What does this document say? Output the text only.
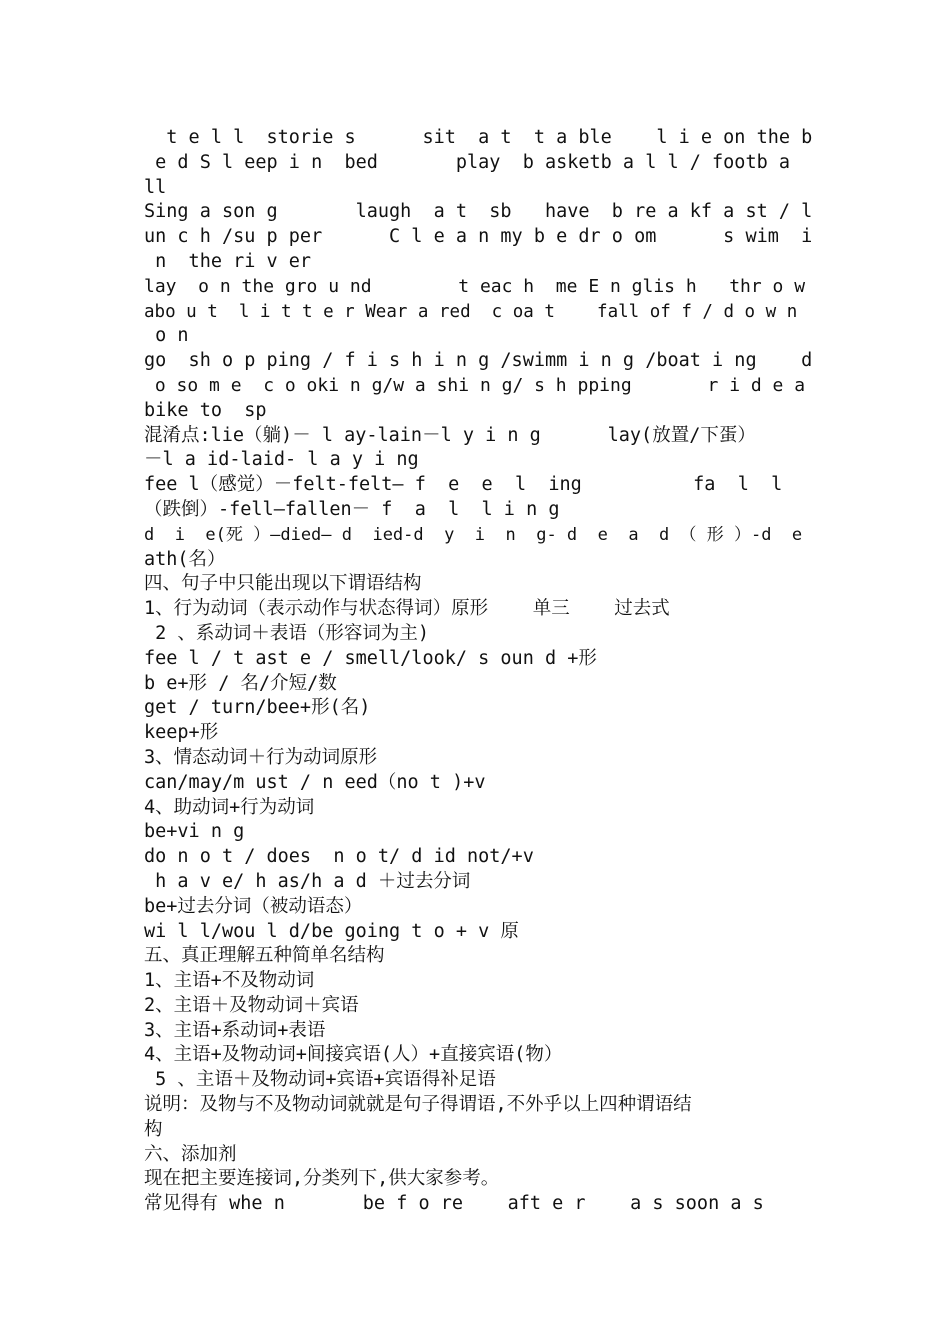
t e l l  storie s      sit  a t  t a ble    l i e on the b
e d S l eep i n  bed       play  b asketb a l l / footb a
ll
Sing a son g       laugh  a t  sb   have  b re a kf a st / l
un c h /su p per      C l e a n my b e dr o om      s wim  i
n  the ri v er
lay  o n the gro u nd        t eac h  me E n glis h   thr o w
abo u t  l i t t e r Wear a red  c oa t    fall of f / d o w n
o n
go  sh o p ping / f i s h i n g /swimm i n g /boat i ng    d
o so m e  c o oki n g/w a shi n g/ s h pping       r i d e a
bike to  sp
混淆点:lie（躺)－ l ay-lain－l y i n g      lay(放置/下蛋）
－l a id-laid- l a y i ng
fee l（感觉）－felt-felt— f  e  e  l  ing          fa  l  l
（跌倒）-fell—fallen－ f  a  l  l i n g
d  i  e(死 ）—died— d  ied-d  y  i  n  g- d  e  a  d （ 形 ）-d  e
ath(名）
四、句子中只能出现以下谓语结构
1、行为动词（表示动作与状态得词）原形    单三    过去式
2 、系动词＋表语（形容词为主)
fee l / t ast e / smell/look/ s oun d +形
b e+形 / 名/介短/数
get / turn/bee+形(名)
keep+形
3、情态动词＋行为动词原形
can/may/m ust / n eed（no t )+v
4、助动词+行为动词
be+vi n g
do n o t / does  n o t/ d id not/+v
h a v e/ h as/h a d ＋过去分词
be+过去分词（被动语态）
wi l l/wou l d/be going t o + v 原
五、真正理解五种简单名结构
1、主语+不及物动词
2、主语＋及物动词＋宾语
3、主语+系动词+表语
4、主语+及物动词+间接宾语(人）+直接宾语(物）
5 、主语＋及物动词+宾语+宾语得补足语
说明：及物与不及物动词就就是句子得谓语,不外乎以上四种谓语结
构
六、添加剂
现在把主要连接词,分类列下,供大家参考。
常见得有 whe n       be f o re    aft e r    a s soon a s
